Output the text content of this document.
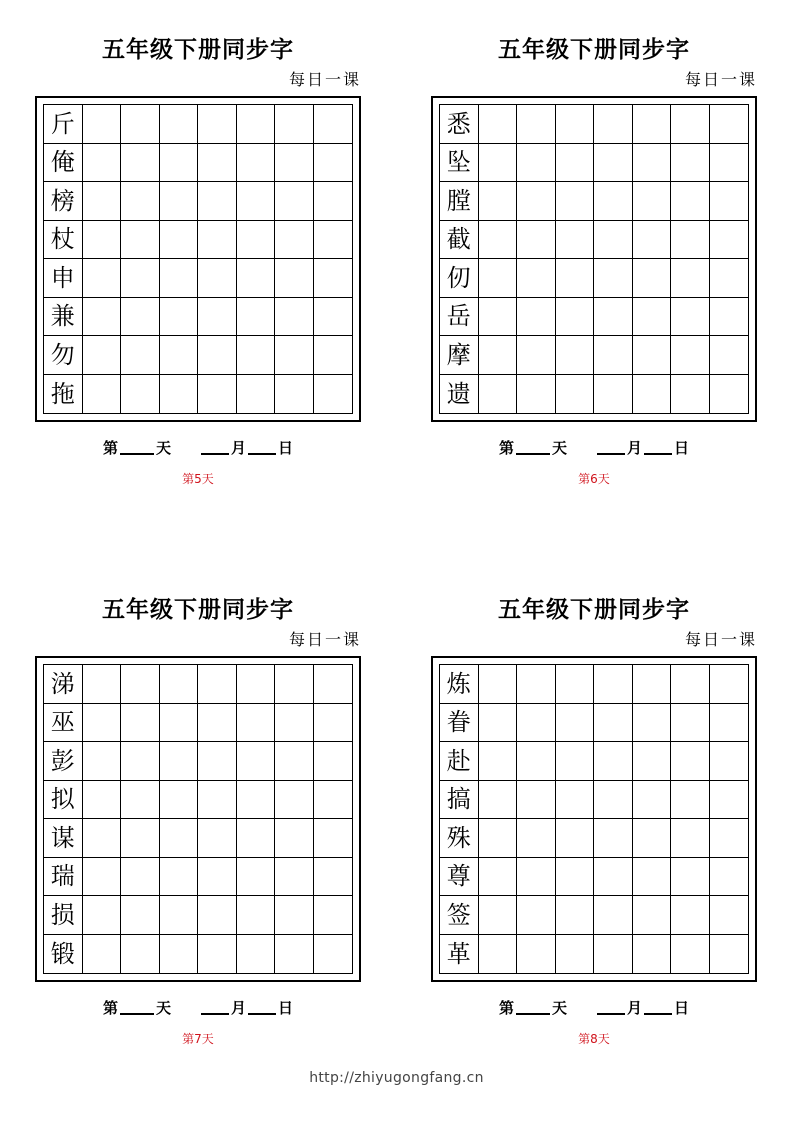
五年级下册同步字
每日一课
斤
俺
榜
杖
申
兼
勿
拖
第	天	月 日
第5天
五年级下册同步字
每日一课
悉
坠
膛
截
仞
岳
摩
遗
第	天	月 日
第6天
五年级下册同步字
每日一课
涕
巫
彭
拟
谋
瑞
损
锻
第	天	月 日
第7天
五年级下册同步字
每日一课
炼
眷
赴
搞
殊
尊
签
革
第	天	月 日
第8天
http://zhiyugongfang.cn
